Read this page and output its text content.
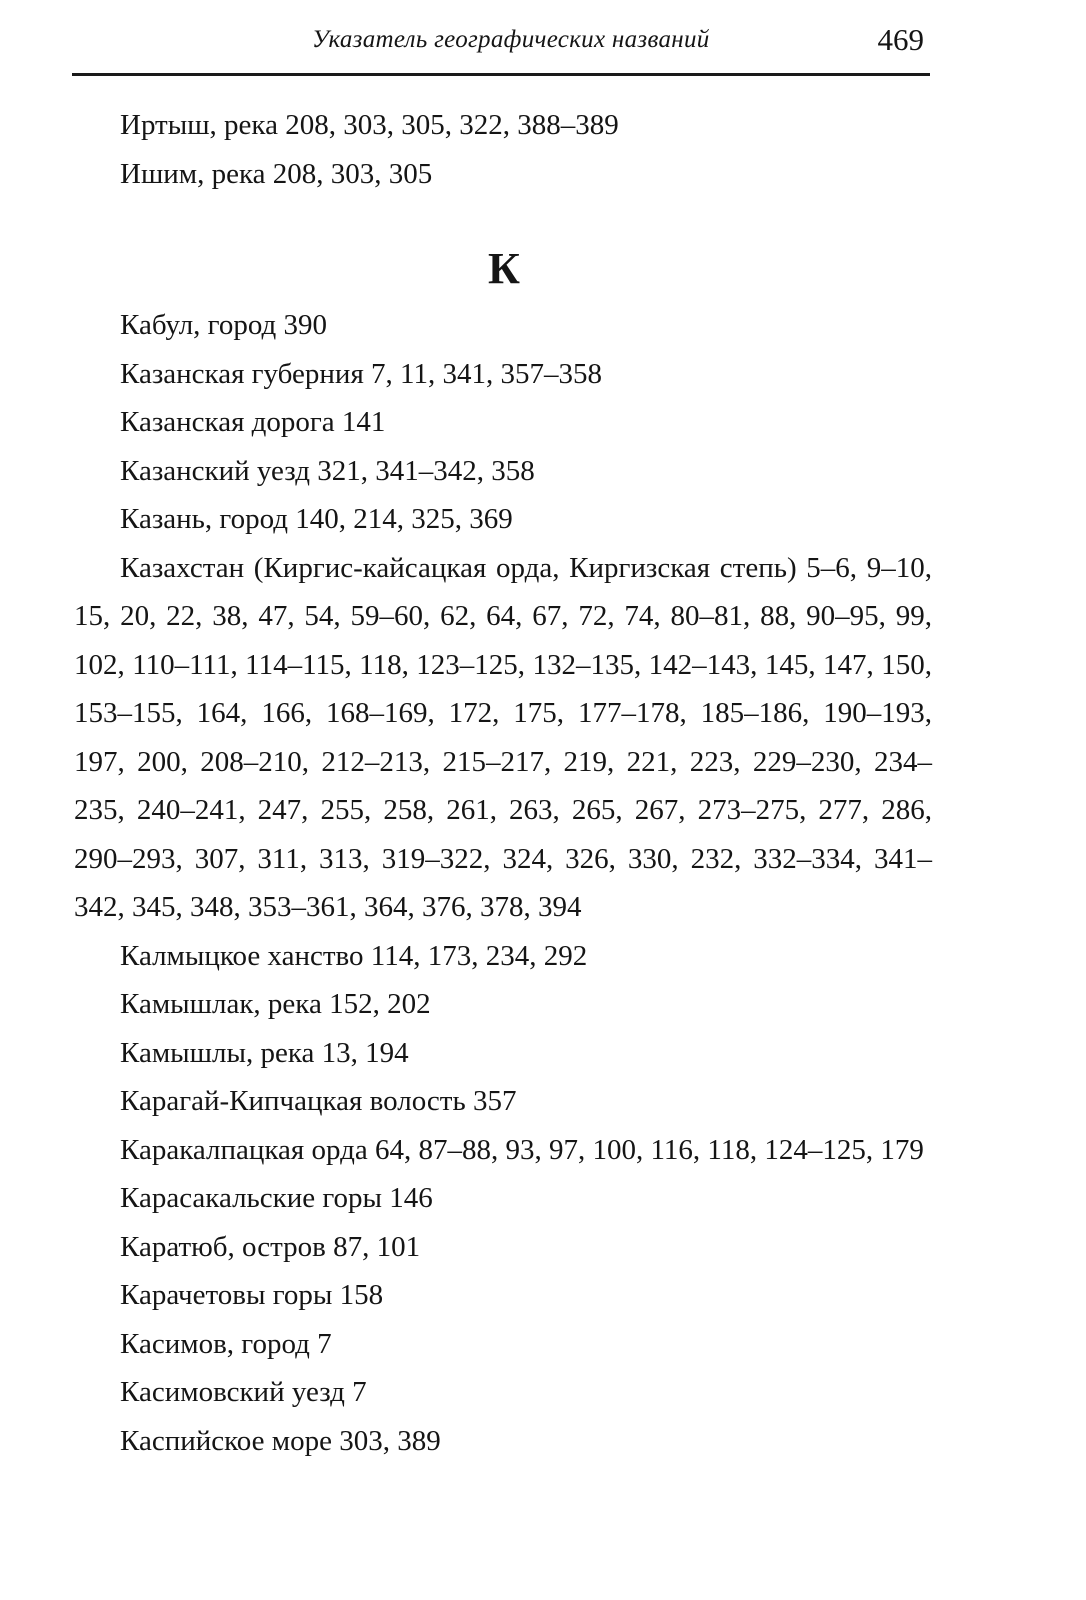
Указатель географических названий	469

Иртыш, река 208, 303, 305, 322, 388–389

Ишим, река 208, 303, 305

К

Кабул, город 390

Казанская губерния 7, 11, 341, 357–358

Казанская дорога 141

Казанский уезд 321, 341–342, 358

Казань, город 140, 214, 325, 369

Казахстан (Киргис-кайсацкая орда, Киргизская степь) 5–6, 9–10, 15, 20, 22, 38, 47, 54, 59–60, 62, 64, 67, 72, 74, 80–81, 88, 90–95, 99, 102, 110–111, 114–115, 118, 123–125, 132–135, 142–143, 145, 147, 150, 153–155, 164, 166, 168–169, 172, 175, 177–178, 185–186, 190–193, 197, 200, 208–210, 212–213, 215–217, 219, 221, 223, 229–230, 234–235, 240–241, 247, 255, 258, 261, 263, 265, 267, 273–275, 277, 286, 290–293, 307, 311, 313, 319–322, 324, 326, 330, 232, 332–334, 341–342, 345, 348, 353–361, 364, 376, 378, 394

Калмыцкое ханство 114, 173, 234, 292

Камышлак, река 152, 202

Камышлы, река 13, 194

Карагай-Кипчацкая волость 357

Каракалпацкая орда 64, 87–88, 93, 97, 100, 116, 118, 124–125, 179

Карасакальские горы 146

Каратюб, остров 87, 101

Карачетовы горы 158

Касимов, город 7

Касимовский уезд 7

Каспийское море 303, 389
